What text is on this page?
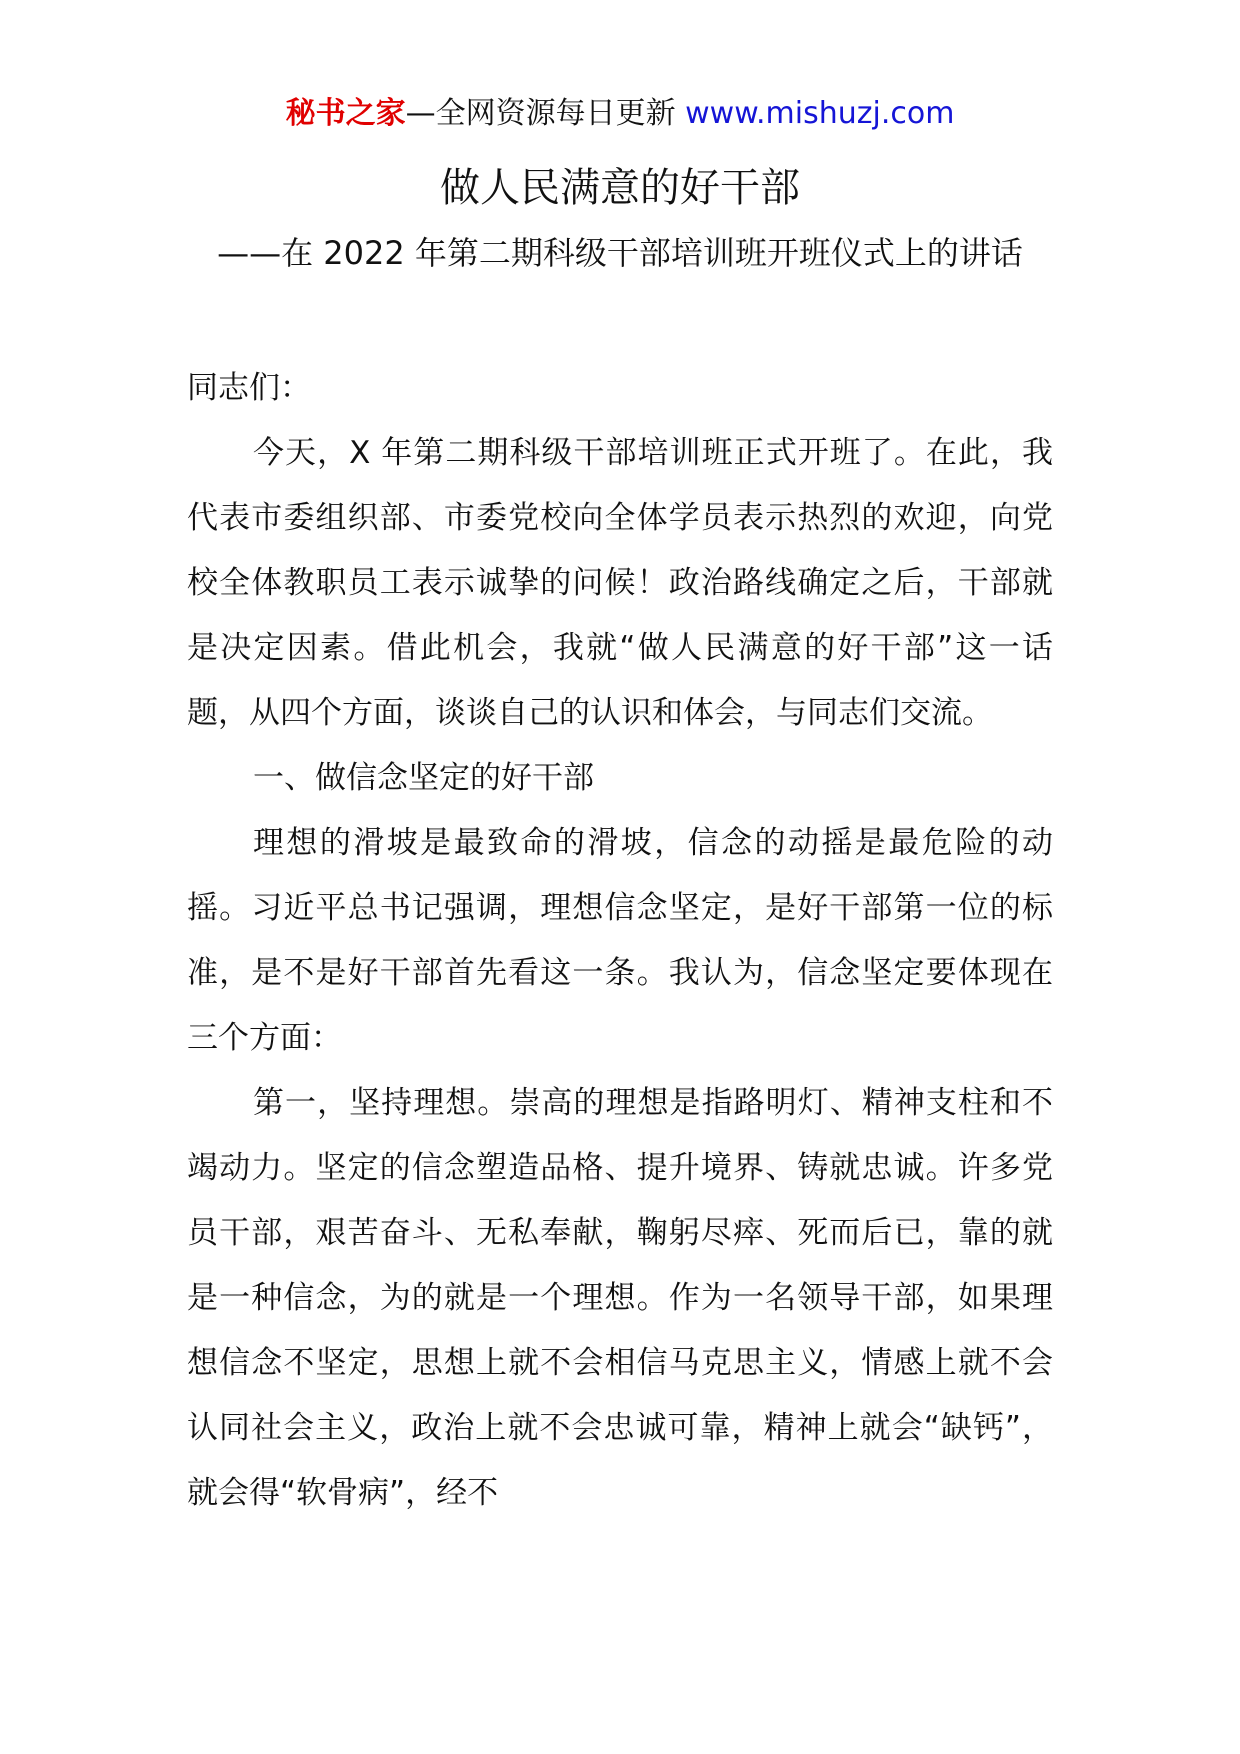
秘书之家—全网资源每日更新 www.mishuzj.com
做人民满意的好干部
——在 2022 年第二期科级干部培训班开班仪式上的讲话

同志们：

今天，X 年第二期科级干部培训班正式开班了。在此，我代表市委组织部、市委党校向全体学员表示热烈的欢迎，向党校全体教职员工表示诚挚的问候！政治路线确定之后，干部就是决定因素。借此机会，我就“做人民满意的好干部”这一话题，从四个方面，谈谈自己的认识和体会，与同志们交流。

一、做信念坚定的好干部

理想的滑坡是最致命的滑坡，信念的动摇是最危险的动摇。习近平总书记强调，理想信念坚定，是好干部第一位的标准，是不是好干部首先看这一条。我认为，信念坚定要体现在三个方面：

第一，坚持理想。崇高的理想是指路明灯、精神支柱和不竭动力。坚定的信念塑造品格、提升境界、铸就忠诚。许多党员干部，艰苦奋斗、无私奉献，鞠躬尽瘁、死而后已，靠的就是一种信念，为的就是一个理想。作为一名领导干部，如果理想信念不坚定，思想上就不会相信马克思主义，情感上就不会认同社会主义，政治上就不会忠诚可靠，精神上就会“缺钙”，就会得“软骨病”，经不
